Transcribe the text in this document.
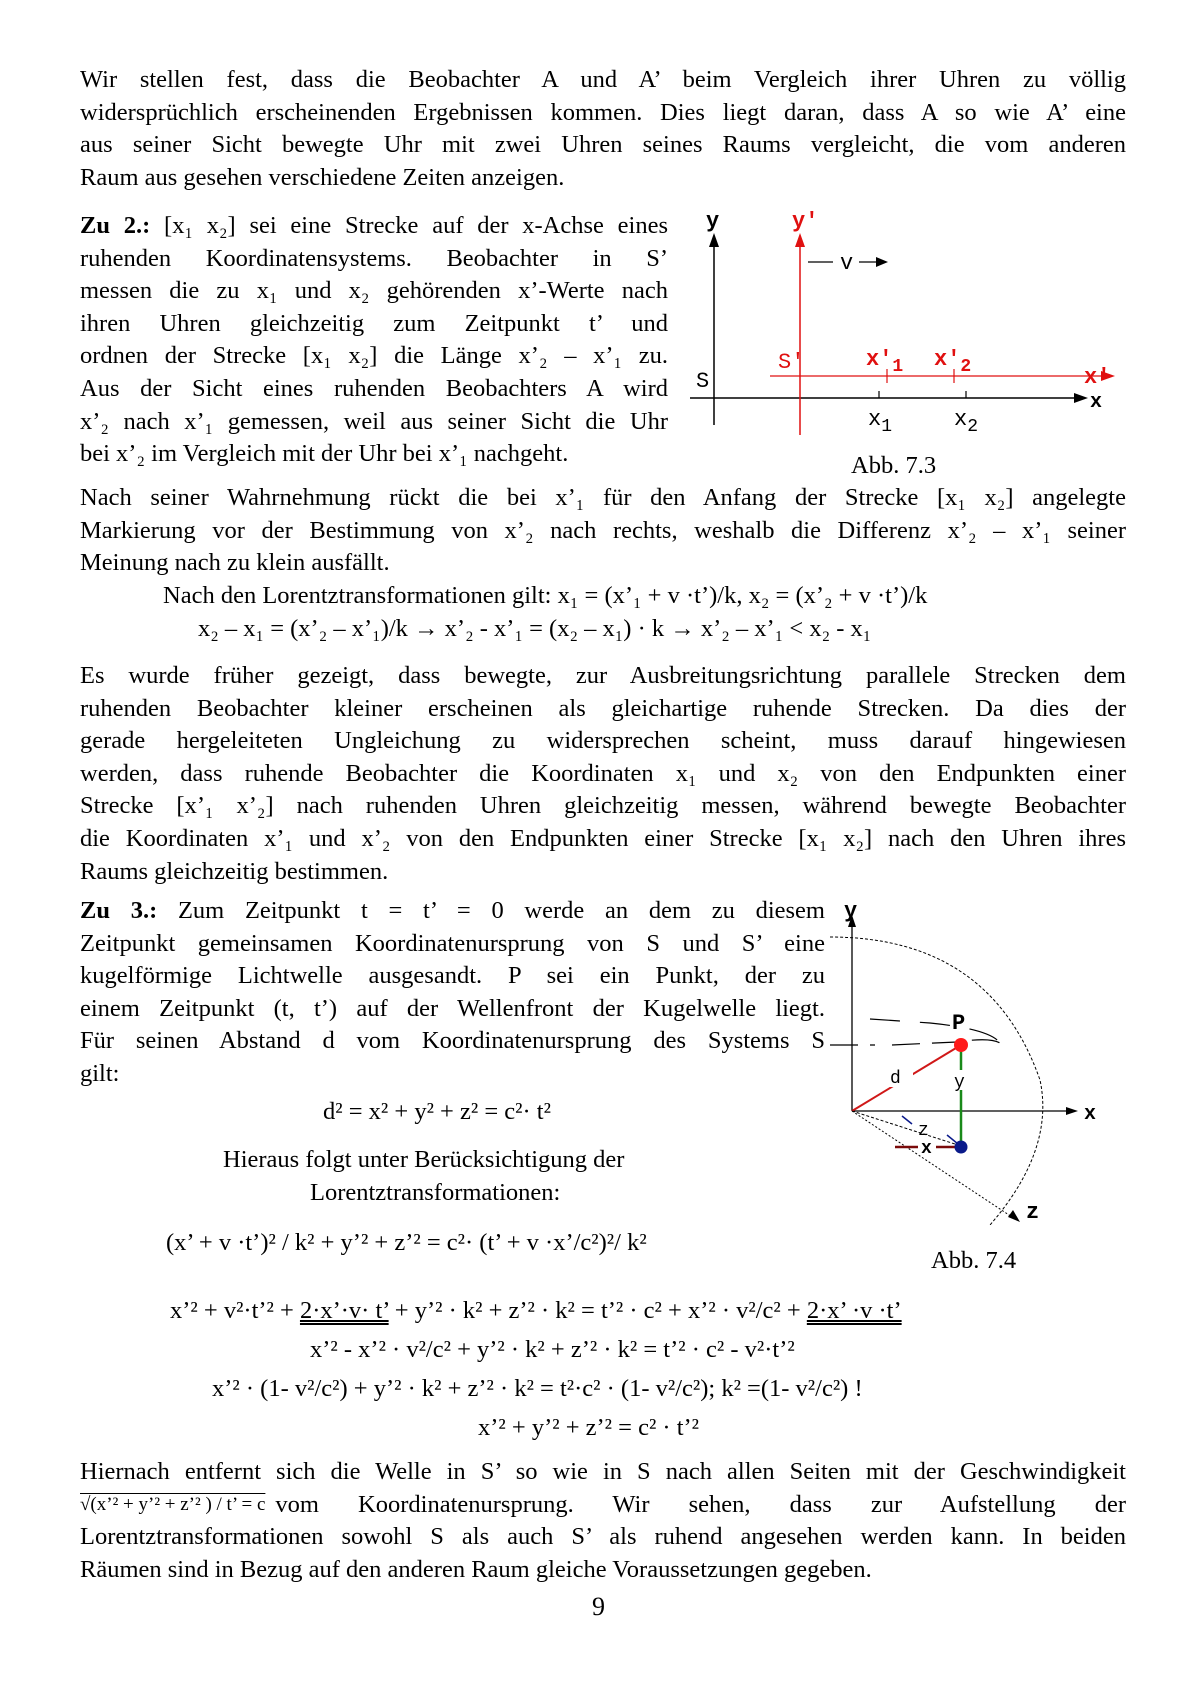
Wir stellen fest, dass die Beobachter A und A’ beim Vergleich ihrer Uhren zu völlig
widersprüchlich erscheinenden Ergebnissen kommen. Dies liegt daran, dass A so wie A’ eine
aus seiner Sicht bewegte Uhr mit zwei Uhren seines Raums vergleicht, die vom anderen
Raum aus gesehen verschiedene Zeiten anzeigen.
Zu 2.: [x₁ x₂] sei eine Strecke auf der x-Achse eines
ruhenden Koordinatensystems. Beobachter in S’
messen die zu x₁ und x₂ gehörenden x’-Werte nach
ihren Uhren gleichzeitig zum Zeitpunkt t’ und
ordnen der Strecke [x₁ x₂] die Länge x’₂ – x’₁ zu.
Aus der Sicht eines ruhenden Beobachters A wird
x’₂ nach x’₁ gemessen, weil aus seiner Sicht die Uhr
bei x’₂ im Vergleich mit der Uhr bei x’₁ nachgeht.
y
x
S
$x_1$	$x_2$
y'
x'
S'	$x'_1$ $x'_2$
v
Abb. 7.3
Nach seiner Wahrnehmung rückt die bei x’₁ für den Anfang der Strecke [x₁ x₂] angelegte
Markierung vor der Bestimmung von x’₂ nach rechts, weshalb die Differenz x’₂ – x’₁ seiner
Meinung nach zu klein ausfällt.
Nach den Lorentztransformationen gilt: x₁ = (x’₁ + v ·t’)/k, x₂ = (x’₂ + v ·t’)/k
x₂ – x₁ = (x’₂ – x’₁)/k → x’₂ - x’₁ = (x₂ – x₁) · k → x’₂ – x’₁ < x₂ - x₁
Es wurde früher gezeigt, dass bewegte, zur Ausbreitungsrichtung parallele Strecken dem
ruhenden Beobachter kleiner erscheinen als gleichartige ruhende Strecken. Da dies der
gerade hergeleiteten Ungleichung zu widersprechen scheint, muss darauf hingewiesen
werden, dass ruhende Beobachter die Koordinaten x₁ und x₂ von den Endpunkten einer
Strecke [x’₁ x’₂] nach ruhenden Uhren gleichzeitig messen, während bewegte Beobachter
die Koordinaten x’₁ und x’₂ von den Endpunkten einer Strecke [x₁ x₂] nach den Uhren ihres
Raums gleichzeitig bestimmen.
Zu 3.: Zum Zeitpunkt t = t’ = 0 werde an dem zu diesem
Zeitpunkt gemeinsamen Koordinatenursprung von S und S’ eine
kugelförmige Lichtwelle ausgesandt. P sei ein Punkt, der zu
einem Zeitpunkt (t, t’) auf der Wellenfront der Kugelwelle liegt.
Für seinen Abstand d vom Koordinatenursprung des Systems S
gilt:
d² = x² + y² + z² = c²· t²
Hieraus folgt unter Berücksichtigung der
Lorentztransformationen:
(x’ + v ·t’)² / k² + y’² + z’² = c²· (t’ + v ·x’/c²)²/ k²
y
x
d	y
z
x
P
z
Abb. 7.4
x’² + v²·t’² + 2·x’·v· t’ + y’² · k² + z’² · k² = t’² · c² + x’² · v²/c² + 2·x’ ·v ·t’
x’² - x’² · v²/c² + y’² · k² + z’² · k² = t’² · c² - v²·t’²
x’² · (1- v²/c²) + y’² · k² + z’² · k² = t²·c² · (1- v²/c²); k² =(1- v²/c²) !
x’² + y’² + z’² = c² · t’²
Hiernach entfernt sich die Welle in S’ so wie in S nach allen Seiten mit der Geschwindigkeit
√(x’² + y’² + z’² ) / t’ = c vom Koordinatenursprung. Wir sehen, dass zur Aufstellung der
Lorentztransformationen sowohl S als auch S’ als ruhend angesehen werden kann. In beiden
Räumen sind in Bezug auf den anderen Raum gleiche Voraussetzungen gegeben.
9
